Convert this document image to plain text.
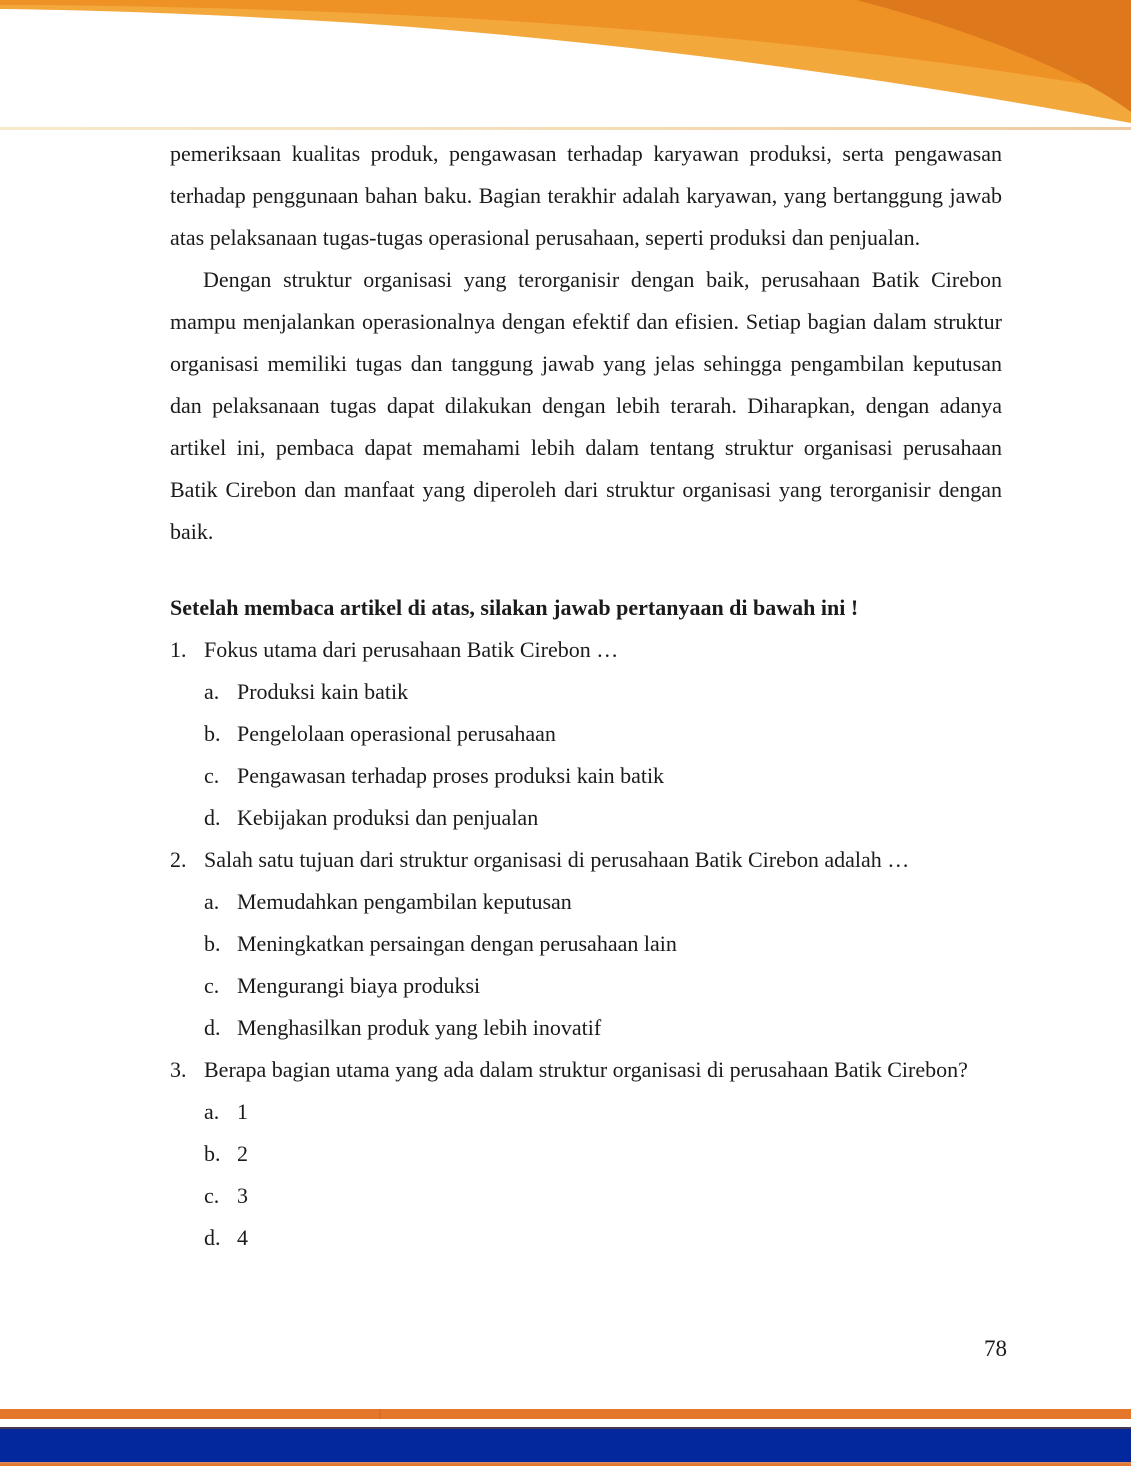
pemeriksaan kualitas produk, pengawasan terhadap karyawan produksi, serta pengawasan terhadap penggunaan bahan baku. Bagian terakhir adalah karyawan, yang bertanggung jawab atas pelaksanaan tugas-tugas operasional perusahaan, seperti produksi dan penjualan.

Dengan struktur organisasi yang terorganisir dengan baik, perusahaan Batik Cirebon mampu menjalankan operasionalnya dengan efektif dan efisien. Setiap bagian dalam struktur organisasi memiliki tugas dan tanggung jawab yang jelas sehingga pengambilan keputusan dan pelaksanaan tugas dapat dilakukan dengan lebih terarah. Diharapkan, dengan adanya artikel ini, pembaca dapat memahami lebih dalam tentang struktur organisasi perusahaan Batik Cirebon dan manfaat yang diperoleh dari struktur organisasi yang terorganisir dengan baik.

Setelah membaca artikel di atas, silakan jawab pertanyaan di bawah ini !
1. Fokus utama dari perusahaan Batik Cirebon …
a. Produksi kain batik
b. Pengelolaan operasional perusahaan
c. Pengawasan terhadap proses produksi kain batik
d. Kebijakan produksi dan penjualan
2. Salah satu tujuan dari struktur organisasi di perusahaan Batik Cirebon adalah …
a. Memudahkan pengambilan keputusan
b. Meningkatkan persaingan dengan perusahaan lain
c. Mengurangi biaya produksi
d. Menghasilkan produk yang lebih inovatif
3. Berapa bagian utama yang ada dalam struktur organisasi di perusahaan Batik Cirebon?
a. 1
b. 2
c. 3
d. 4
78
